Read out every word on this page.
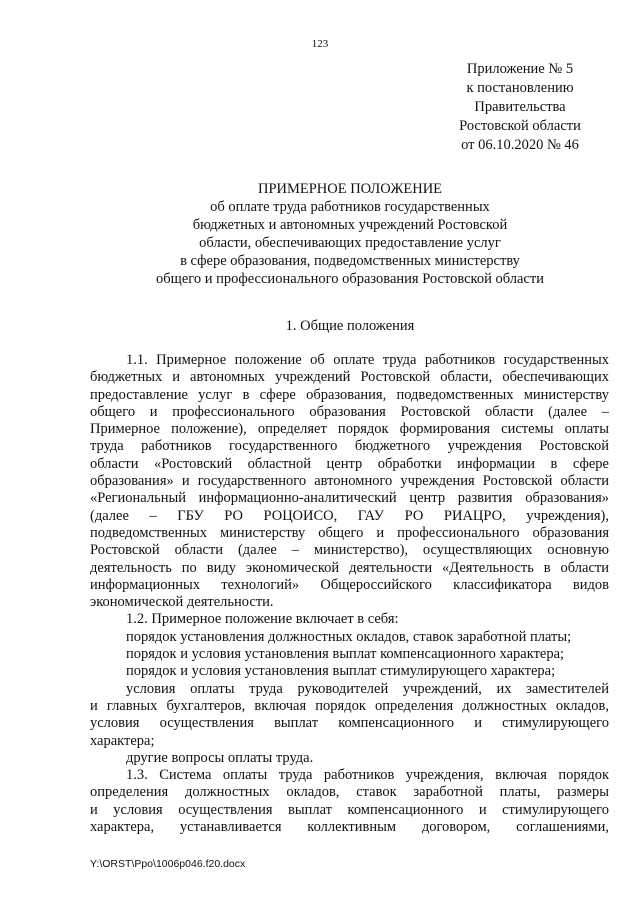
123
Приложение № 5
к постановлению
Правительства
Ростовской области
от 06.10.2020 № 46
ПРИМЕРНОЕ ПОЛОЖЕНИЕ
об оплате труда работников государственных
бюджетных и автономных учреждений Ростовской
области, обеспечивающих предоставление услуг
в сфере образования, подведомственных министерству
общего и профессионального образования Ростовской области
1. Общие положения
1.1. Примерное положение об оплате труда работников государственных
бюджетных и автономных учреждений Ростовской области, обеспечивающих
предоставление услуг в сфере образования, подведомственных министерству
общего и профессионального образования Ростовской области (далее –
Примерное положение), определяет порядок формирования системы оплаты
труда работников государственного бюджетного учреждения Ростовской
области «Ростовский областной центр обработки информации в сфере
образования» и государственного автономного учреждения Ростовской области
«Региональный информационно-аналитический центр развития образования»
(далее – ГБУ РО РОЦОИСО, ГАУ РО РИАЦРО, учреждения),
подведомственных министерству общего и профессионального образования
Ростовской области (далее – министерство), осуществляющих основную
деятельность по виду экономической деятельности «Деятельность в области
информационных технологий» Общероссийского классификатора видов
экономической деятельности.
1.2. Примерное положение включает в себя:
порядок установления должностных окладов, ставок заработной платы;
порядок и условия установления выплат компенсационного характера;
порядок и условия установления выплат стимулирующего характера;
условия оплаты труда руководителей учреждений, их заместителей
и главных бухгалтеров, включая порядок определения должностных окладов,
условия осуществления выплат компенсационного и стимулирующего
характера;
другие вопросы оплаты труда.
1.3. Система оплаты труда работников учреждения, включая порядок
определения должностных окладов, ставок заработной платы, размеры
и условия осуществления выплат компенсационного и стимулирующего
характера, устанавливается коллективным договором, соглашениями,
Y:\ORST\Ppo\1006p046.f20.docx
